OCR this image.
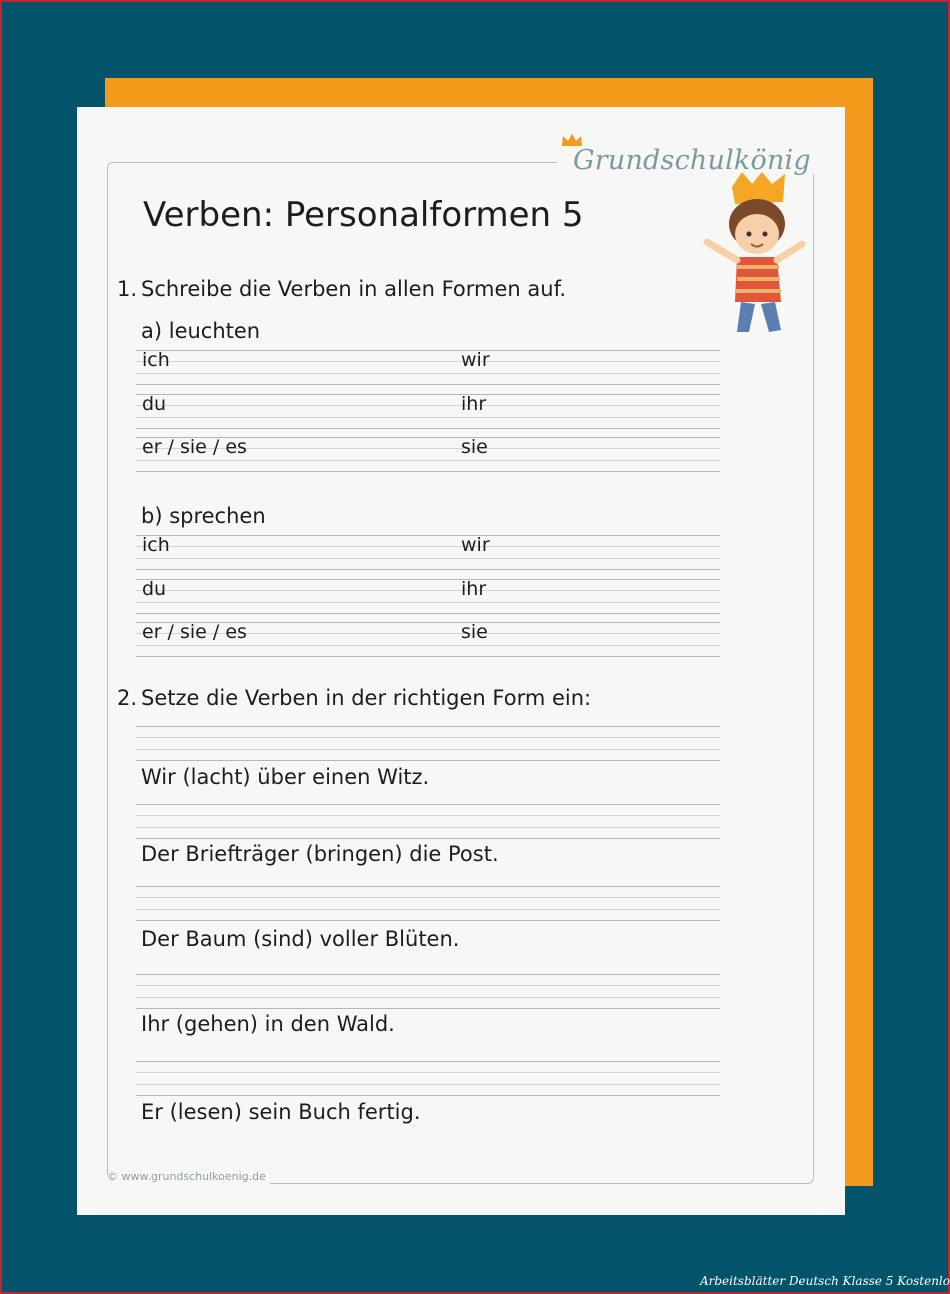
Grundschulkönig
Verben: Personalformen 5
1. Schreibe die Verben in allen Formen auf.
a) leuchten
ich	wir
du	ihr
er / sie / es	sie
b) sprechen
ich	wir
du	ihr
er / sie / es	sie
2. Setze die Verben in der richtigen Form ein:
Wir (lacht) über einen Witz.
Der Briefträger (bringen) die Post.
Der Baum (sind) voller Blüten.
Ihr (gehen) in den Wald.
Er (lesen) sein Buch fertig.
© www.grundschulkoenig.de
Arbeitsblätter Deutsch Klasse 5 Kostenlo
